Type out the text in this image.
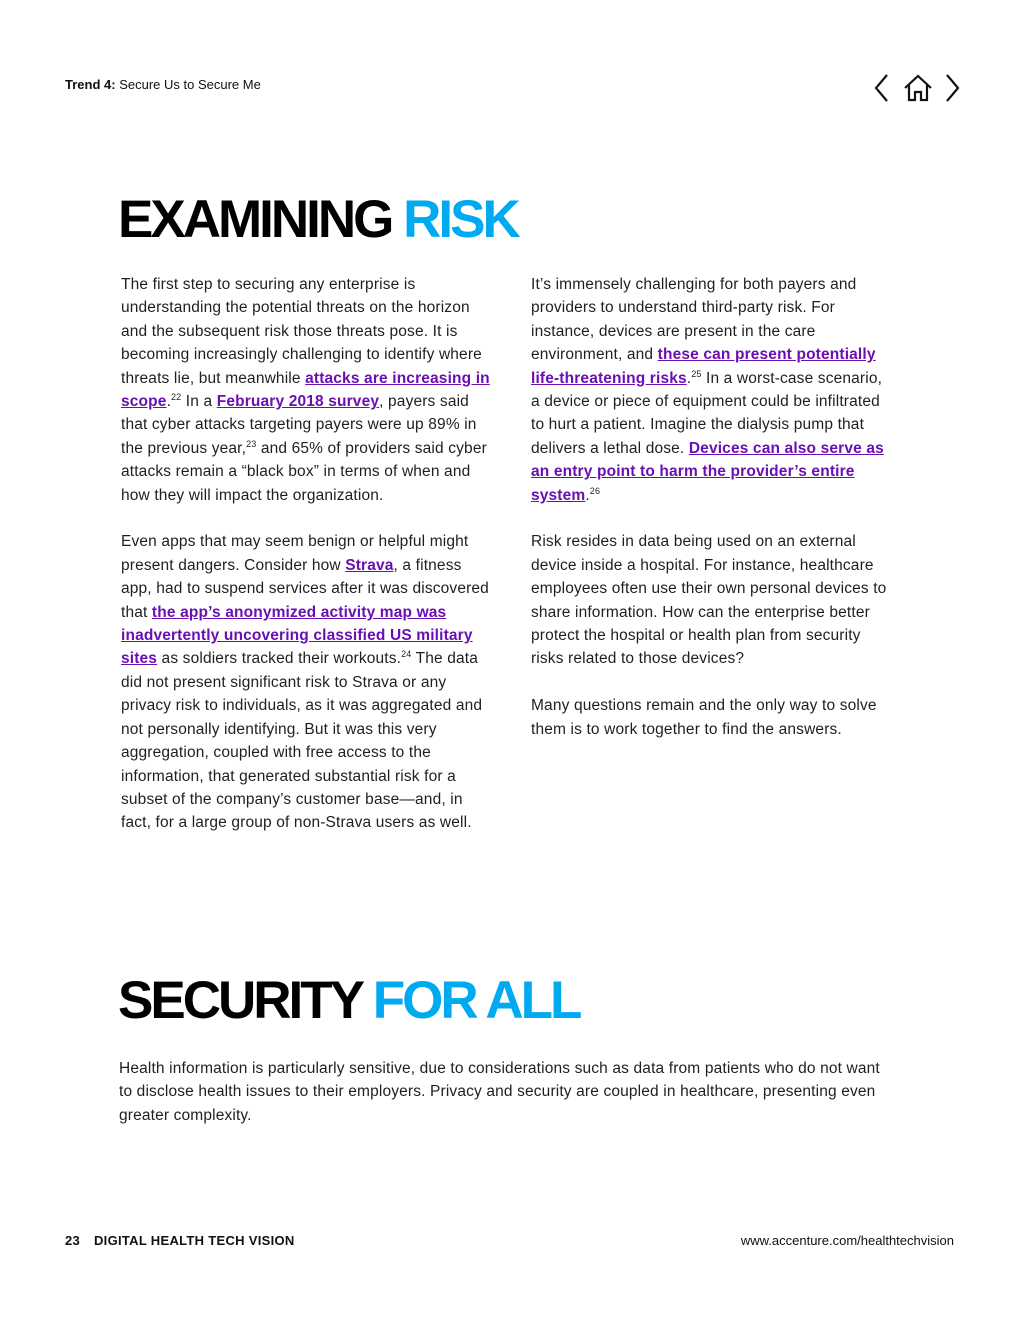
Trend 4: Secure Us to Secure Me
EXAMINING RISK

The first step to securing any enterprise is understanding the potential threats on the horizon and the subsequent risk those threats pose. It is becoming increasingly challenging to identify where threats lie, but meanwhile attacks are increasing in scope.$^{22}$ In a February 2018 survey, payers said that cyber attacks targeting payers were up 89% in the previous year,$^{23}$ and 65% of providers said cyber attacks remain a “black box” in terms of when and how they will impact the organization.

Even apps that may seem benign or helpful might present dangers. Consider how Strava, a fitness app, had to suspend services after it was discovered that the app’s anonymized activity map was inadvertently uncovering classified US military sites as soldiers tracked their workouts.$^{24}$ The data did not present significant risk to Strava or any privacy risk to individuals, as it was aggregated and not personally identifying. But it was this very aggregation, coupled with free access to the information, that generated substantial risk for a subset of the company’s customer base—and, in fact, for a large group of non-Strava users as well.

It’s immensely challenging for both payers and providers to understand third-party risk. For instance, devices are present in the care environment, and these can present potentially life-threatening risks.$^{25}$ In a worst-case scenario, a device or piece of equipment could be infiltrated to hurt a patient. Imagine the dialysis pump that delivers a lethal dose. Devices can also serve as an entry point to harm the provider’s entire system.$^{26}$

Risk resides in data being used on an external device inside a hospital. For instance, healthcare employees often use their own personal devices to share information. How can the enterprise better protect the hospital or health plan from security risks related to those devices?

Many questions remain and the only way to solve them is to work together to find the answers.

SECURITY FOR ALL

Health information is particularly sensitive, due to considerations such as data from patients who do not want to disclose health issues to their employers. Privacy and security are coupled in healthcare, presenting even greater complexity.

23 DIGITAL HEALTH TECH VISION	www.accenture.com/healthtechvision
